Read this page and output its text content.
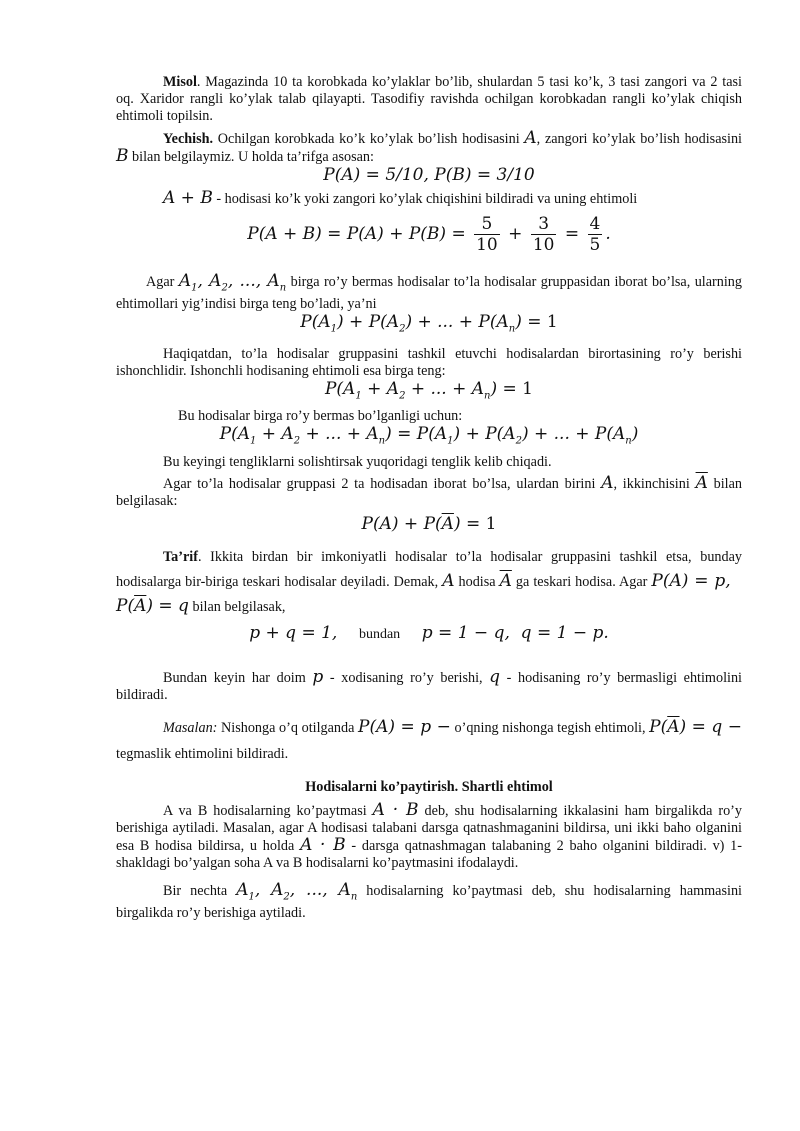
Misol. Magazinda 10 ta korobkada ko’ylaklar bo’lib, shulardan 5 tasi ko’k, 3 tasi zangori va 2 tasi oq. Xaridor rangli ko’ylak talab qilayapti. Tasodifiy ravishda ochilgan korobkadan rangli ko’ylak chiqish ehtimoli topilsin.

Yechish. Ochilgan korobkada ko’k ko’ylak bo’lish hodisasini A, zangori ko’ylak bo’lish hodisasini B bilan belgilaymiz. U holda ta’rifga asosan:

P(A) = 5/10, P(B) = 3/10

A + B - hodisasi ko’k yoki zangori ko’ylak chiqishini bildiradi va uning ehtimoli

$P(A + B) = P(A) + P(B) = \frac{5}{10} + \frac{3}{10} = \frac{4}{5}$ .

Agar $A_1$, $A_2$, ..., $A_n$ birga ro’y bermas hodisalar to’la hodisalar gruppasidan iborat bo’lsa, ularning ehtimollari yig’indisi birga teng bo’ladi, ya’ni

$P(A_1) + P(A_2)$ + ... + $P(A_n) = 1$

Haqiqatdan, to’la hodisalar gruppasini tashkil etuvchi hodisalardan birortasining ro’y berishi ishonchlidir. Ishonchli hodisaning ehtimoli esa birga teng:

$P(A_1 + A_2$ + ... + $A_n) = 1$

Bu hodisalar birga ro’y bermas bo’lganligi uchun:

$P(A_1 + A_2$ + ... + $A_n) = P(A_1) + P(A_2)$ + ... + $P(A_n)$

Bu keyingi tengliklarni solishtirsak yuqoridagi tenglik kelib chiqadi.

Agar to’la hodisalar gruppasi 2 ta hodisadan iborat bo’lsa, ulardan birini A, ikkinchisini $\overline{A}$ bilan belgilasak:

$P(A) + P(\overline{A}) = 1$

Ta’rif. Ikkita birdan bir imkoniyatli hodisalar to’la hodisalar gruppasini tashkil etsa, bunday hodisalarga bir-biriga teskari hodisalar deyiladi. Demak, A hodisa $\overline{A}$ ga teskari hodisa. Agar P(A) = p,   $P(\overline{A}) = q$ bilan belgilasak,

p + q = 1,    bundan    p = 1 − q,  q = 1 − p.

Bundan keyin har doim p - xodisaning ro’y berishi, q - hodisaning ro’y bermasligi ehtimolini bildiradi.

Masalan: Nishonga o’q otilganda P(A) = p − o’qning nishonga tegish ehtimoli, $P(\overline{A}) = q$ − tegmaslik ehtimolini bildiradi.

Hodisalarni ko’paytirish. Shartli ehtimol

A va B hodisalarning ko’paytmasi A · B deb, shu hodisalarning ikkalasini ham birgalikda ro’y berishiga aytiladi. Masalan, agar A hodisasi talabani darsga qatnashmaganini bildirsa, uni ikki baho olganini esa B hodisa bildirsa, u holda A · B - darsga qatnashmagan talabaning 2 baho olganini bildiradi. v) 1-shakldagi bo’yalgan soha A va B hodisalarni ko’paytmasini ifodalaydi.

Bir nechta $A_1$, $A_2$, ..., $A_n$ hodisalarning ko’paytmasi deb, shu hodisalarning hammasini birgalikda ro’y berishiga aytiladi.
